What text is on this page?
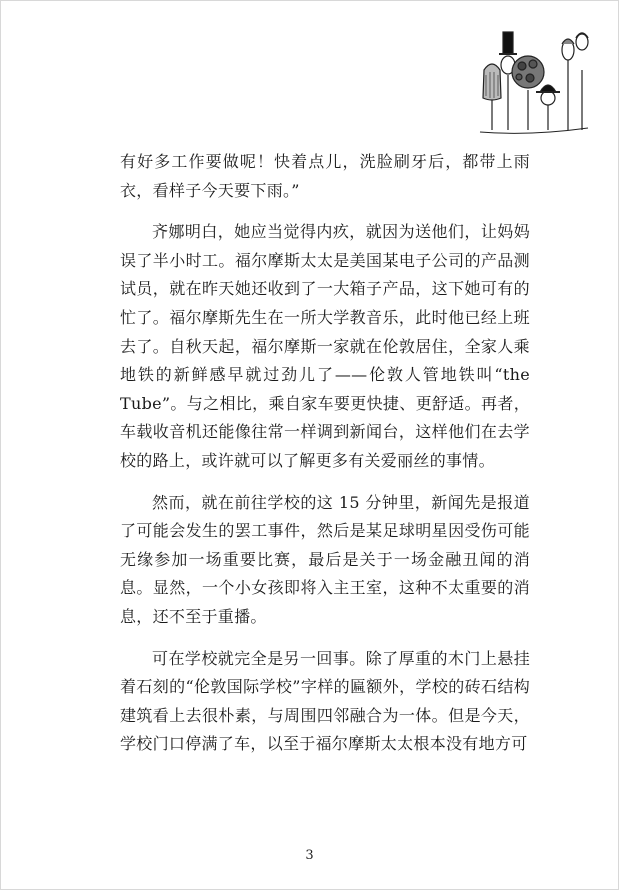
有好多工作要做呢！快着点儿，洗脸刷牙后，都带上雨衣，看样子今天要下雨。”

齐娜明白，她应当觉得内疚，就因为送他们，让妈妈误了半小时工。福尔摩斯太太是美国某电子公司的产品测试员，就在昨天她还收到了一大箱子产品，这下她可有的忙了。福尔摩斯先生在一所大学教音乐，此时他已经上班去了。自秋天起，福尔摩斯一家就在伦敦居住，全家人乘地铁的新鲜感早就过劲儿了——伦敦人管地铁叫“the Tube”。与之相比，乘自家车要更快捷、更舒适。再者，车载收音机还能像往常一样调到新闻台，这样他们在去学校的路上，或许就可以了解更多有关爱丽丝的事情。

然而，就在前往学校的这 15 分钟里，新闻先是报道了可能会发生的罢工事件，然后是某足球明星因受伤可能无缘参加一场重要比赛，最后是关于一场金融丑闻的消息。显然，一个小女孩即将入主王室，这种不太重要的消息，还不至于重播。

可在学校就完全是另一回事。除了厚重的木门上悬挂着石刻的“伦敦国际学校”字样的匾额外，学校的砖石结构建筑看上去很朴素，与周围四邻融合为一体。但是今天，学校门口停满了车，以至于福尔摩斯太太根本没有地方可

3
